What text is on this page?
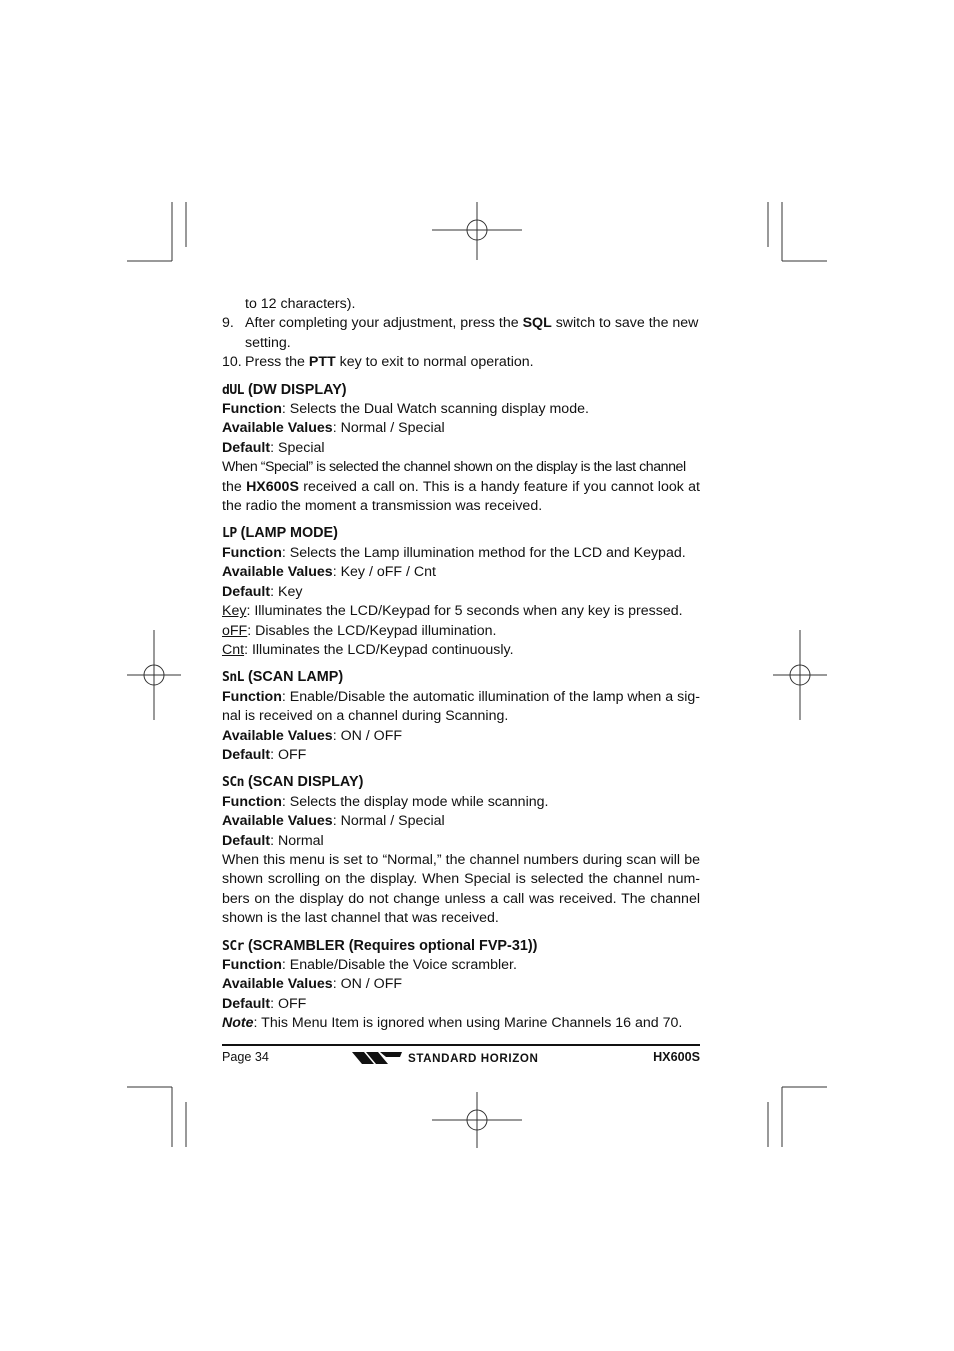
to 12 characters).
9. After completing your adjustment, press the SQL switch to save the new
setting.
10. Press the PTT key to exit to normal operation.
dUL (DW DISPLAY)
Function: Selects the Dual Watch scanning display mode.
Available Values: Normal / Special
Default: Special
When “Special” is selected the channel shown on the display is the last channel
the HX600S received a call on. This is a handy feature if you cannot look at
the radio the moment a transmission was received.
LP (LAMP MODE)
Function: Selects the Lamp illumination method for the LCD and Keypad.
Available Values: Key / oFF / Cnt
Default: Key
Key: Illuminates the LCD/Keypad for 5 seconds when any key is pressed.
oFF: Disables the LCD/Keypad illumination.
Cnt: Illuminates the LCD/Keypad continuously.
SnL (SCAN LAMP)
Function: Enable/Disable the automatic illumination of the lamp when a sig-
nal is received on a channel during Scanning.
Available Values: ON / OFF
Default: OFF
SCn (SCAN DISPLAY)
Function: Selects the display mode while scanning.
Available Values: Normal / Special
Default: Normal
When this menu is set to “Normal,” the channel numbers during scan will be
shown scrolling on the display. When Special is selected the channel num-
bers on the display do not change unless a call was received. The channel
shown is the last channel that was received.
SCr (SCRAMBLER (Requires optional FVP-31))
Function: Enable/Disable the Voice scrambler.
Available Values: ON / OFF
Default: OFF
Note: This Menu Item is ignored when using Marine Channels 16 and 70.
Page 34	STANDARD HORIZON	HX600S
